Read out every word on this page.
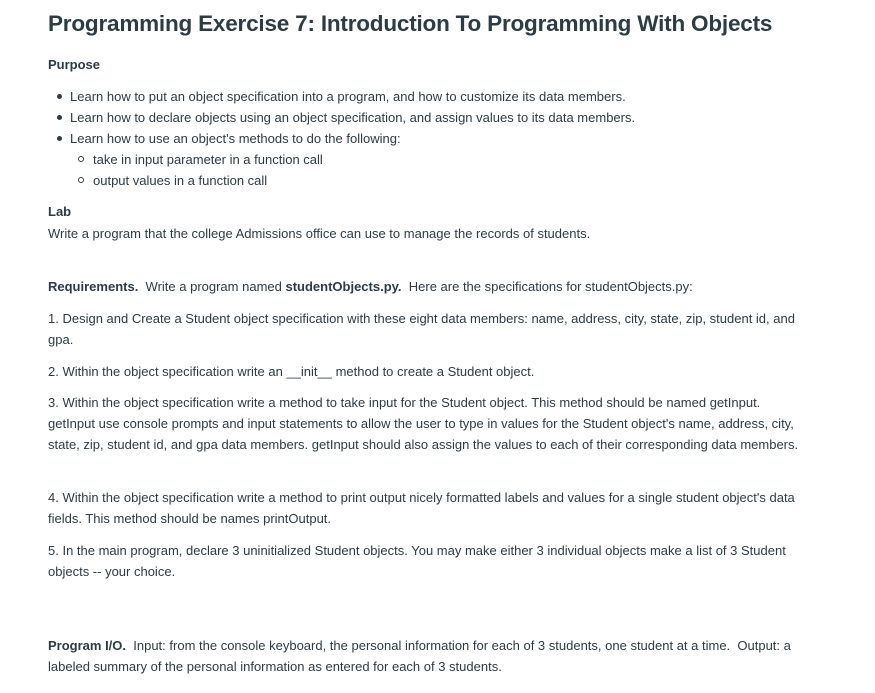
Programming Exercise 7: Introduction To Programming With Objects
Purpose
Learn how to put an object specification into a program, and how to customize its data members.
Learn how to declare objects using an object specification, and assign values to its data members.
Learn how to use an object's methods to do the following:
take in input parameter in a function call
output values in a function call
Lab
Write a program that the college Admissions office can use to manage the records of students.
Requirements.  Write a program named studentObjects.py.  Here are the specifications for studentObjects.py:
1. Design and Create a Student object specification with these eight data members: name, address, city, state, zip, student id, and gpa.
2. Within the object specification write an __init__ method to create a Student object.
3. Within the object specification write a method to take input for the Student object. This method should be named getInput. getInput use console prompts and input statements to allow the user to type in values for the Student object's name, address, city, state, zip, student id, and gpa data members. getInput should also assign the values to each of their corresponding data members.
4. Within the object specification write a method to print output nicely formatted labels and values for a single student object's data fields. This method should be names printOutput.
5. In the main program, declare 3 uninitialized Student objects. You may make either 3 individual objects make a list of 3 Student objects -- your choice.
Program I/O.  Input: from the console keyboard, the personal information for each of 3 students, one student at a time.  Output: a labeled summary of the personal information as entered for each of 3 students.
